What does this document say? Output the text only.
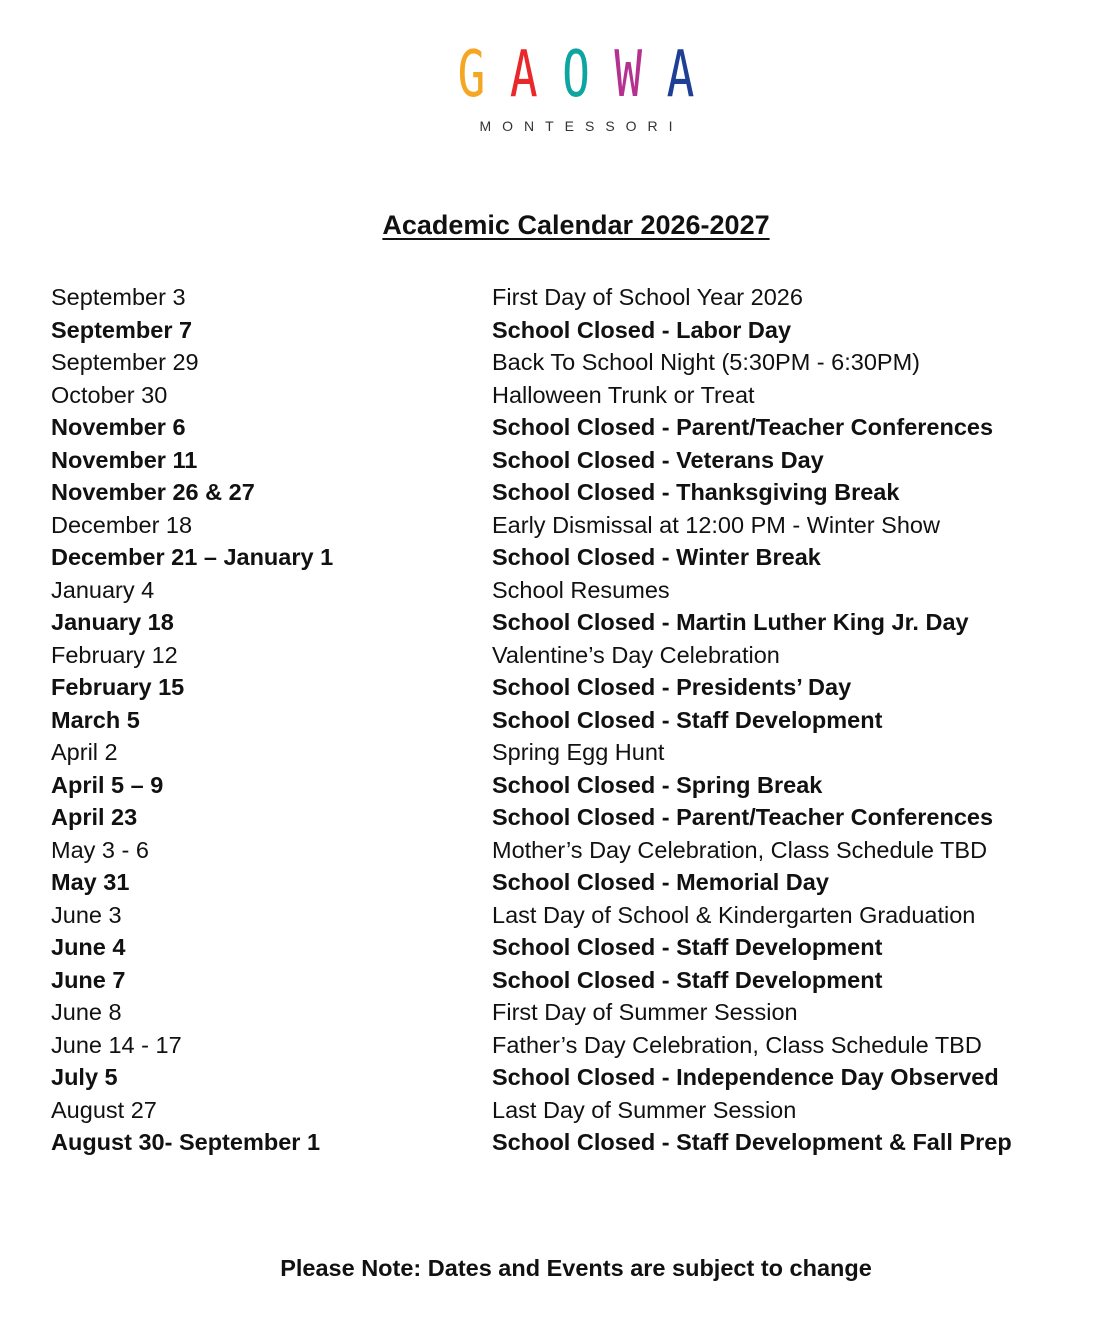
G A O W A
MONTESSORI
Academic Calendar 2026-2027
September 3	First Day of School Year 2026
September 7	School Closed - Labor Day
September 29	Back To School Night (5:30PM - 6:30PM)
October 30	Halloween Trunk or Treat
November 6	School Closed - Parent/Teacher Conferences
November 11	School Closed - Veterans Day
November 26 & 27	School Closed - Thanksgiving Break
December 18	Early Dismissal at 12:00 PM - Winter Show
December 21 – January 1	School Closed - Winter Break
January 4	School Resumes
January 18	School Closed - Martin Luther King Jr. Day
February 12	Valentine’s Day Celebration
February 15	School Closed - Presidents’ Day
March 5	School Closed - Staff Development
April 2	Spring Egg Hunt
April 5 – 9	School Closed - Spring Break
April 23	School Closed - Parent/Teacher Conferences
May 3 - 6	Mother’s Day Celebration, Class Schedule TBD
May 31	School Closed - Memorial Day
June 3	Last Day of School & Kindergarten Graduation
June 4	School Closed - Staff Development
June 7	School Closed - Staff Development
June 8	First Day of Summer Session
June 14 - 17	Father’s Day Celebration, Class Schedule TBD
July 5	School Closed - Independence Day Observed
August 27	Last Day of Summer Session
August 30- September 1	School Closed - Staff Development & Fall Prep
Please Note: Dates and Events are subject to change
